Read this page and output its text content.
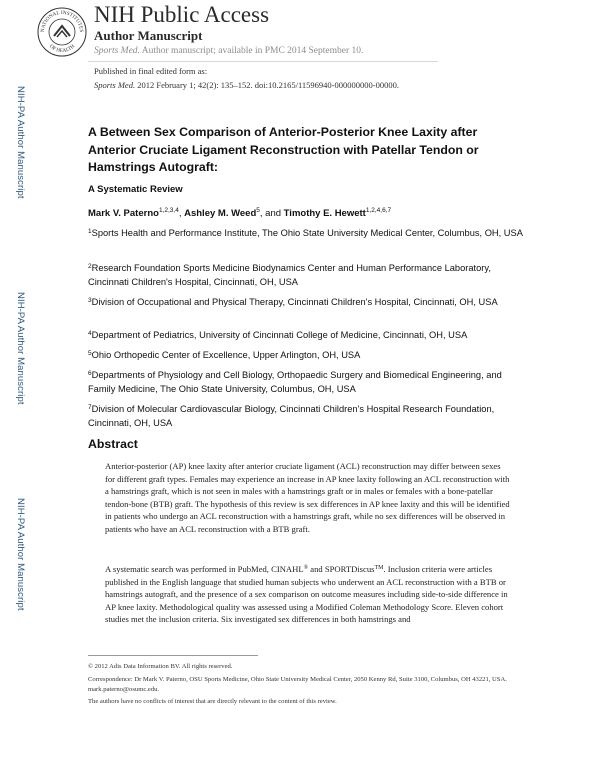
NATIONAL INSTITUTES
OF HEALTH
NIH Public Access
Author Manuscript
Sports Med. Author manuscript; available in PMC 2014 September 10.
Published in final edited form as:
Sports Med. 2012 February 1; 42(2): 135–152. doi:10.2165/11596940-000000000-00000.
NIH-PA Author Manuscript
NIH-PA Author Manuscript
NIH-PA Author Manuscript
A Between Sex Comparison of Anterior-Posterior Knee Laxity after Anterior Cruciate Ligament Reconstruction with Patellar Tendon or Hamstrings Autograft:
A Systematic Review
Mark V. Paterno$^{1,2,3,4}$, Ashley M. Weed$^5$, and Timothy E. Hewett$^{1,2,4,6,7}$
$^1$Sports Health and Performance Institute, The Ohio State University Medical Center, Columbus, OH, USA
$^2$Research Foundation Sports Medicine Biodynamics Center and Human Performance Laboratory, Cincinnati Children's Hospital, Cincinnati, OH, USA
$^3$Division of Occupational and Physical Therapy, Cincinnati Children's Hospital, Cincinnati, OH, USA
$^4$Department of Pediatrics, University of Cincinnati College of Medicine, Cincinnati, OH, USA
$^5$Ohio Orthopedic Center of Excellence, Upper Arlington, OH, USA
$^6$Departments of Physiology and Cell Biology, Orthopaedic Surgery and Biomedical Engineering, and Family Medicine, The Ohio State University, Columbus, OH, USA
$^7$Division of Molecular Cardiovascular Biology, Cincinnati Children's Hospital Research Foundation, Cincinnati, OH, USA
Abstract
Anterior-posterior (AP) knee laxity after anterior cruciate ligament (ACL) reconstruction may differ between sexes for different graft types. Females may experience an increase in AP knee laxity following an ACL reconstruction with a hamstrings graft, which is not seen in males with a hamstrings graft or in males or females with a bone-patellar tendon-bone (BTB) graft. The hypothesis of this review is sex differences in AP knee laxity and this will be identified in patients who undergo an ACL reconstruction with a hamstrings graft, while no sex differences will be observed in patients who have an ACL reconstruction with a BTB graft.
A systematic search was performed in PubMed, CINAHL® and SPORTDiscus™. Inclusion criteria were articles published in the English language that studied human subjects who underwent an ACL reconstruction with a BTB or hamstrings autograft, and the presence of a sex comparison on outcome measures including side-to-side difference in AP knee laxity. Methodological quality was assessed using a Modified Coleman Methodology Score. Eleven cohort studies met the inclusion criteria. Six investigated sex differences in both hamstrings and
© 2012 Adis Data Information BV. All rights reserved.
Correspondence: Dr Mark V. Paterno, OSU Sports Medicine, Ohio State University Medical Center, 2050 Kenny Rd, Suite 3100, Columbus, OH 43221, USA. mark.paterno@osumc.edu.
The authors have no conflicts of interest that are directly relevant to the content of this review.
